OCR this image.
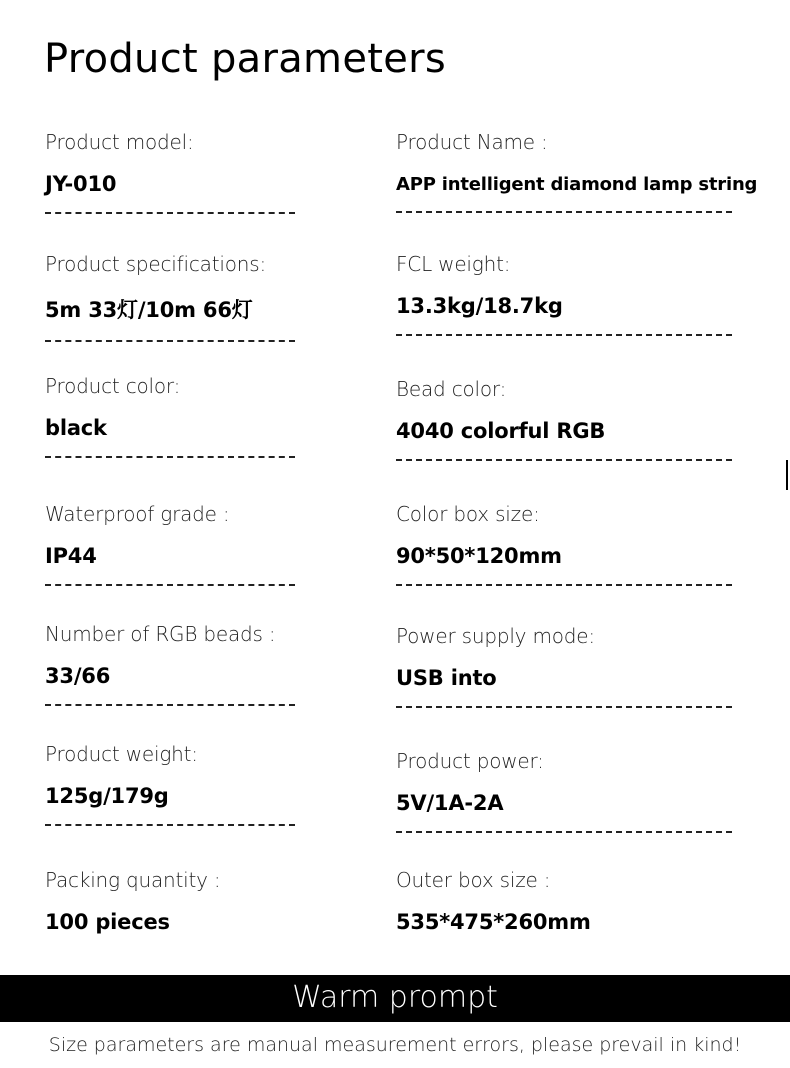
Product parameters
Product model:
JY-010
Product Name :
APP intelligent diamond lamp string
Product specifications:
5m 33灯/10m 66灯
FCL weight:
13.3kg/18.7kg
Product color:
black
Bead color:
4040 colorful RGB
Waterproof grade :
IP44
Color box size:
90*50*120mm
Number of RGB beads :
33/66
Power supply mode:
USB into
Product weight:
125g/179g
Product power:
5V/1A-2A
Packing quantity :
100 pieces
Outer box size :
535*475*260mm
Warm prompt
Size parameters are manual measurement errors, please prevail in kind!
